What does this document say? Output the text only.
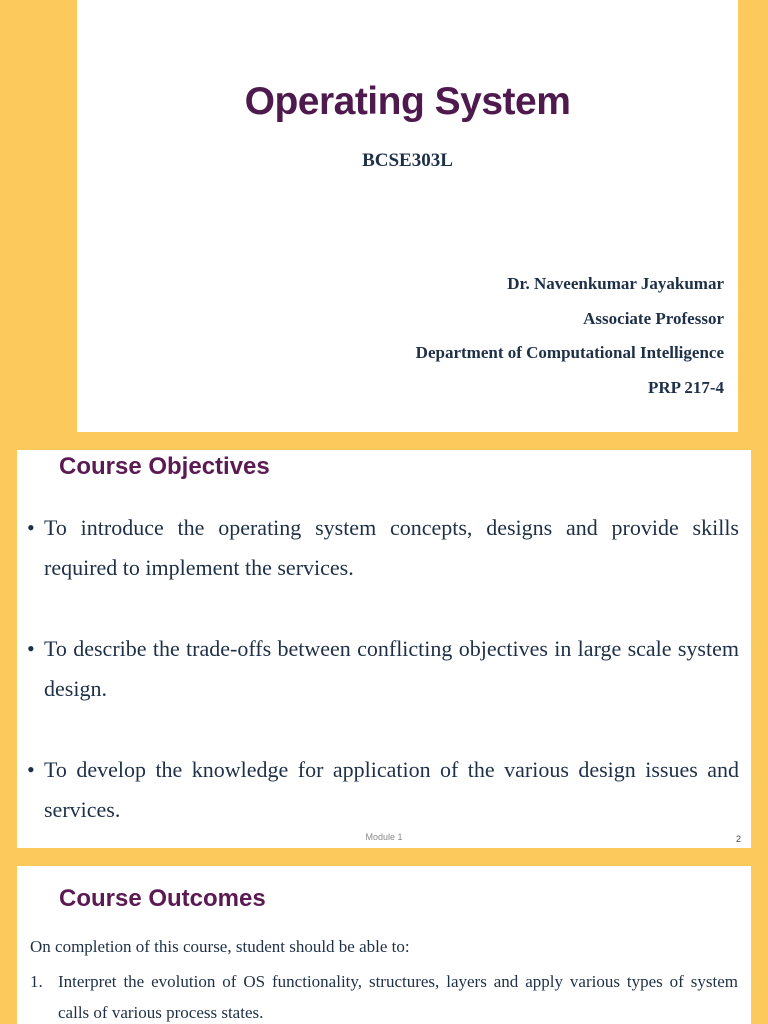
Operating System
BCSE303L
Dr. Naveenkumar Jayakumar
Associate Professor
Department of Computational Intelligence
PRP 217-4
Course Objectives
• To introduce the operating system concepts, designs and provide skills required to implement the services.
• To describe the trade-offs between conflicting objectives in large scale system design.
• To develop the knowledge for application of the various design issues and services.
Module 1	2
Course Outcomes
On completion of this course, student should be able to:
1. Interpret the evolution of OS functionality, structures, layers and apply various types of system calls of various process states.
